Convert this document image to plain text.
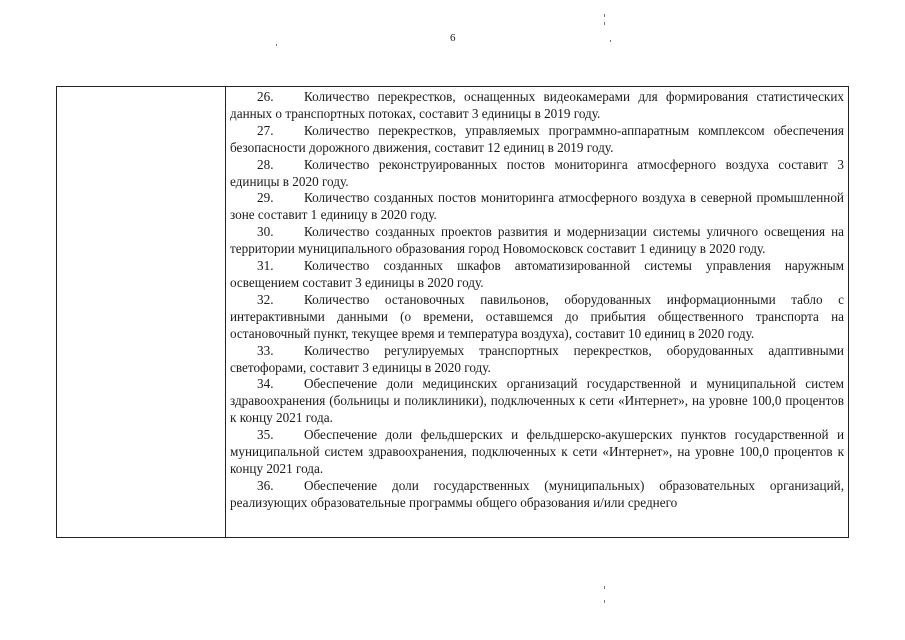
6

26. Количество перекрестков, оснащенных видеокамерами для формирования статистических данных о транспортных потоках, составит 3 единицы в 2019 году.

27. Количество перекрестков, управляемых программно-аппаратным комплексом обеспечения безопасности дорожного движения, составит 12 единиц в 2019 году.

28. Количество реконструированных постов мониторинга атмосферного воздуха составит 3 единицы в 2020 году.

29. Количество созданных постов мониторинга атмосферного воздуха в северной промышленной зоне составит 1 единицу в 2020 году.

30. Количество созданных проектов развития и модернизации системы уличного освещения на территории муниципального образования город Новомосковск составит 1 единицу в 2020 году.

31. Количество созданных шкафов автоматизированной системы управления наружным освещением составит 3 единицы в 2020 году.

32. Количество остановочных павильонов, оборудованных информационными табло с интерактивными данными (о времени, оставшемся до прибытия общественного транспорта на остановочный пункт, текущее время и температура воздуха), составит 10 единиц в 2020 году.

33. Количество регулируемых транспортных перекрестков, оборудованных адаптивными светофорами, составит 3 единицы в 2020 году.

34. Обеспечение доли медицинских организаций государственной и муниципальной систем здравоохранения (больницы и поликлиники), подключенных к сети «Интернет», на уровне 100,0 процентов к концу 2021 года.

35. Обеспечение доли фельдшерских и фельдшерско-акушерских пунктов государственной и муниципальной систем здравоохранения, подключенных к сети «Интернет», на уровне 100,0 процентов к концу 2021 года.

36. Обеспечение доли государственных (муниципальных) образовательных организаций, реализующих образовательные программы общего образования и/или среднего
